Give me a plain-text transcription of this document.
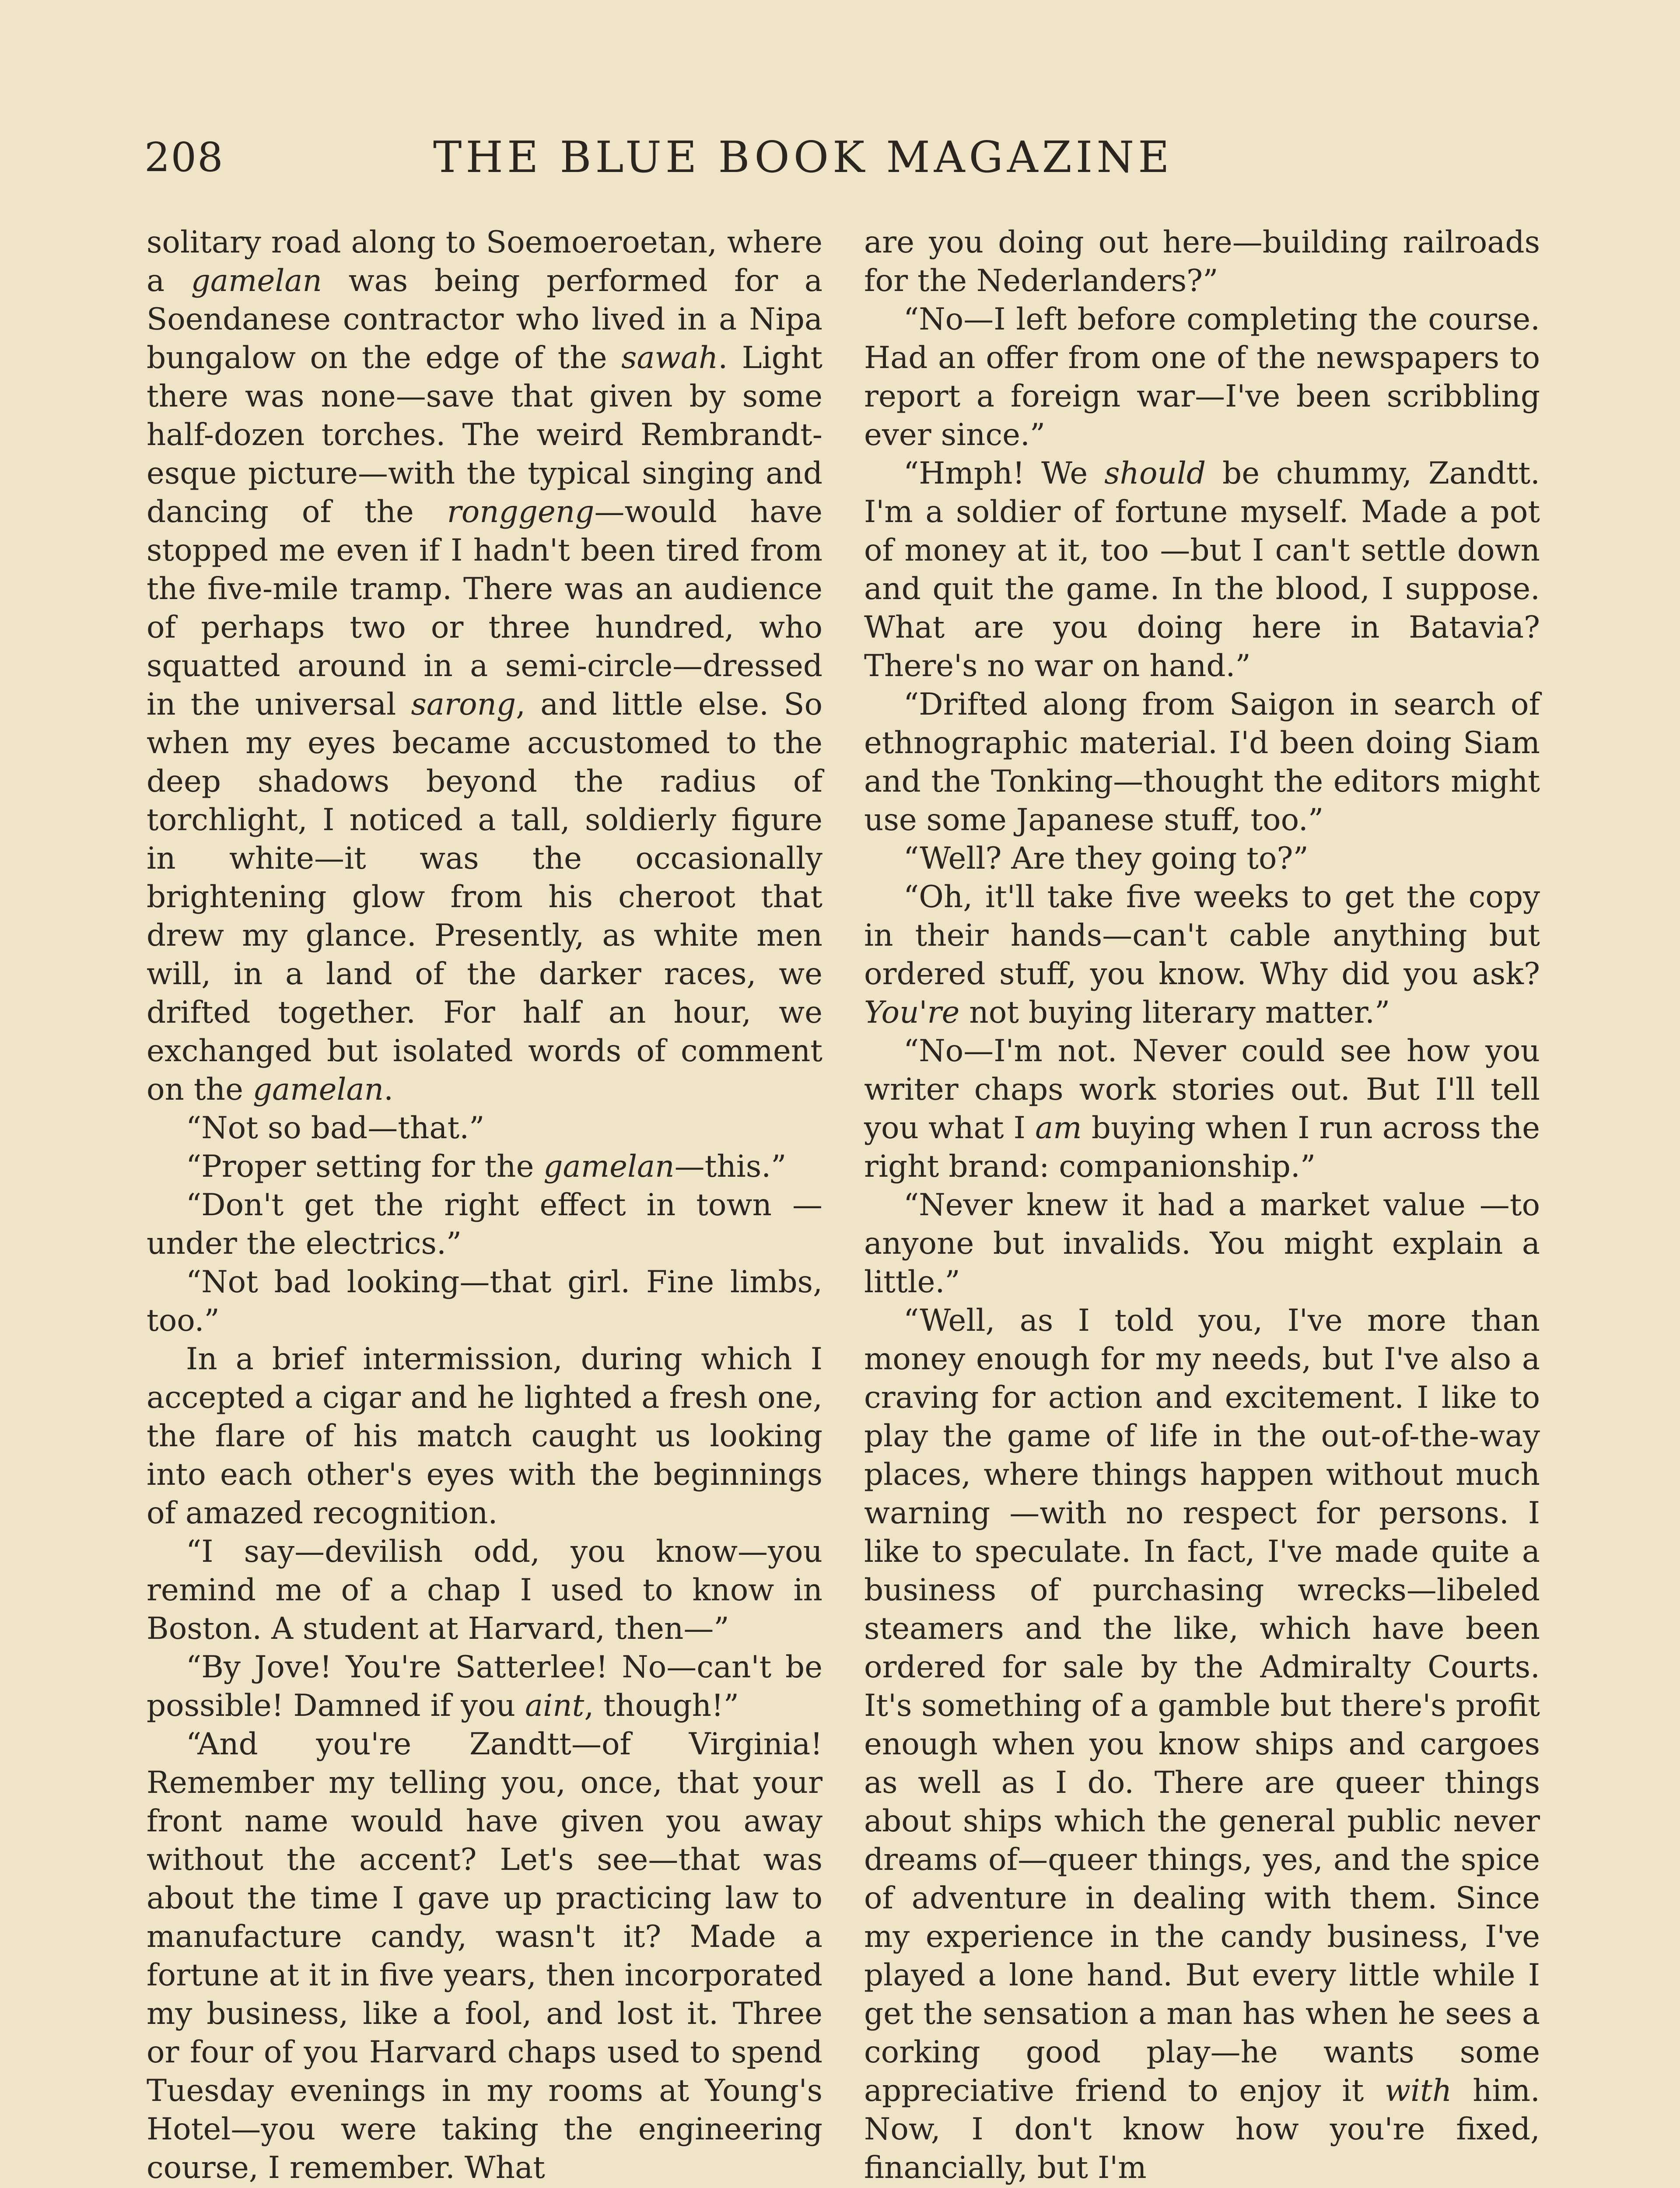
208	THE BLUE BOOK MAGAZINE

solitary road along to Soemoeroetan, where a gamelan was being performed for a Soendanese contractor who lived in a Nipa bungalow on the edge of the sawah. Light there was none—save that given by some half-dozen torches. The weird Rembrandt-esque picture—with the typical singing and dancing of the ronggeng—would have stopped me even if I hadn't been tired from the five-mile tramp. There was an audience of perhaps two or three hundred, who squatted around in a semi-circle—dressed in the universal sarong, and little else. So when my eyes became accustomed to the deep shadows beyond the radius of torchlight, I noticed a tall, soldierly figure in white—it was the occasionally brightening glow from his cheroot that drew my glance. Presently, as white men will, in a land of the darker races, we drifted together. For half an hour, we exchanged but isolated words of comment on the gamelan.

“Not so bad—that.”

“Proper setting for the gamelan—this.”

“Don't get the right effect in town —under the electrics.”

“Not bad looking—that girl. Fine limbs, too.”

In a brief intermission, during which I accepted a cigar and he lighted a fresh one, the flare of his match caught us looking into each other's eyes with the beginnings of amazed recognition.

“I say—devilish odd, you know—you remind me of a chap I used to know in Boston. A student at Harvard, then—”

“By Jove! You're Satterlee! No—can't be possible! Damned if you aint, though!”

“And you're Zandtt—of Virginia! Remember my telling you, once, that your front name would have given you away without the accent? Let's see—that was about the time I gave up practicing law to manufacture candy, wasn't it? Made a fortune at it in five years, then incorporated my business, like a fool, and lost it. Three or four of you Harvard chaps used to spend Tuesday evenings in my rooms at Young's Hotel—you were taking the engineering course, I remember. What

are you doing out here—building railroads for the Nederlanders?”

“No—I left before completing the course. Had an offer from one of the newspapers to report a foreign war—I've been scribbling ever since.”

“Hmph! We should be chummy, Zandtt. I'm a soldier of fortune myself. Made a pot of money at it, too —but I can't settle down and quit the game. In the blood, I suppose. What are you doing here in Batavia? There's no war on hand.”

“Drifted along from Saigon in search of ethnographic material. I'd been doing Siam and the Tonking—thought the editors might use some Japanese stuff, too.”

“Well? Are they going to?”

“Oh, it'll take five weeks to get the copy in their hands—can't cable anything but ordered stuff, you know. Why did you ask? You're not buying literary matter.”

“No—I'm not. Never could see how you writer chaps work stories out. But I'll tell you what I am buying when I run across the right brand: companionship.”

“Never knew it had a market value —to anyone but invalids. You might explain a little.”

“Well, as I told you, I've more than money enough for my needs, but I've also a craving for action and excitement. I like to play the game of life in the out-of-the-way places, where things happen without much warning —with no respect for persons. I like to speculate. In fact, I've made quite a business of purchasing wrecks—libeled steamers and the like, which have been ordered for sale by the Admiralty Courts. It's something of a gamble but there's profit enough when you know ships and cargoes as well as I do. There are queer things about ships which the general public never dreams of—queer things, yes, and the spice of adventure in dealing with them. Since my experience in the candy business, I've played a lone hand. But every little while I get the sensation a man has when he sees a corking good play—he wants some appreciative friend to enjoy it with him. Now, I don't know how you're fixed, financially, but I'm
